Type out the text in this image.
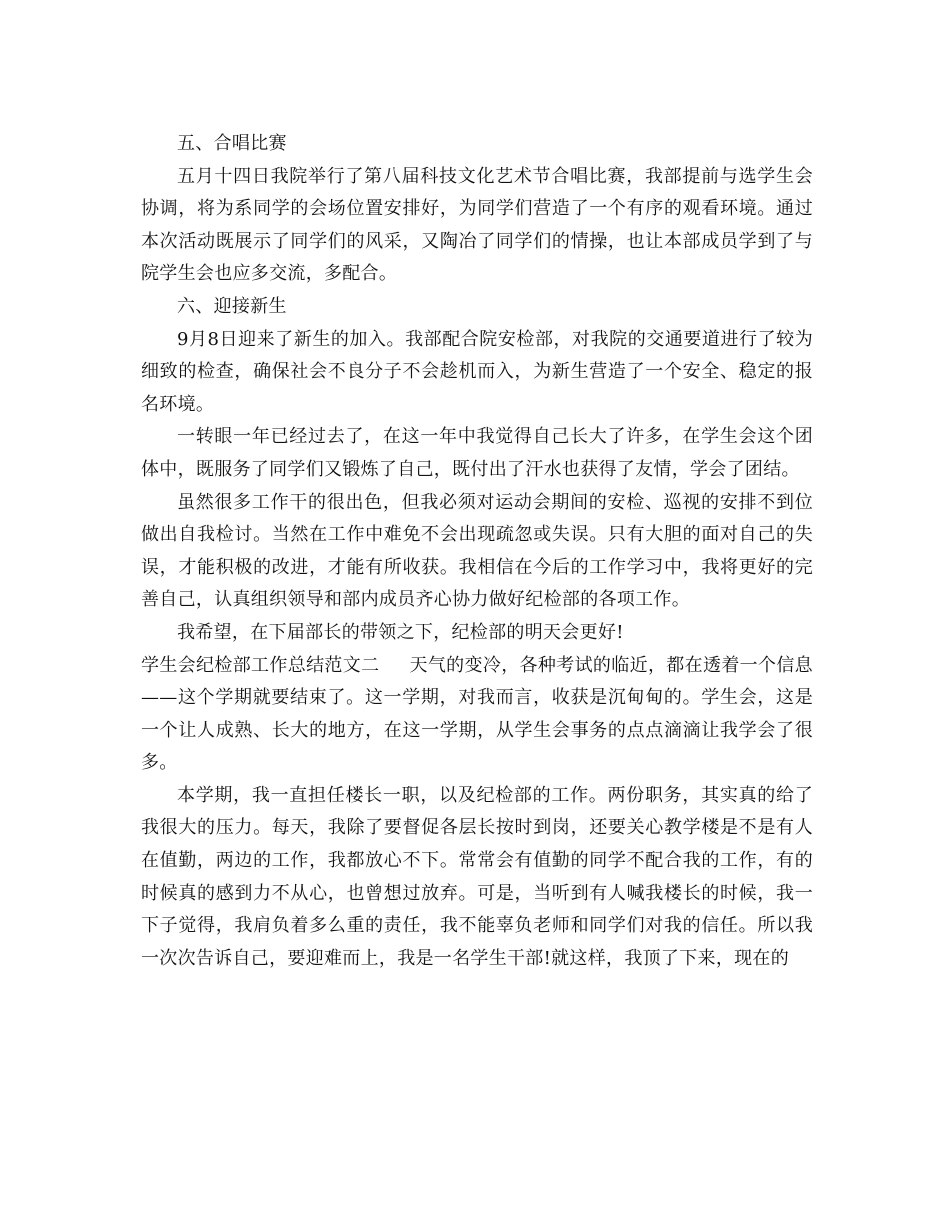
五、合唱比赛

五月十四日我院举行了第八届科技文化艺术节合唱比赛，我部提前与选学生会协调，将为系同学的会场位置安排好，为同学们营造了一个有序的观看环境。通过本次活动既展示了同学们的风采，又陶冶了同学们的情操，也让本部成员学到了与院学生会也应多交流，多配合。

六、迎接新生

9月8日迎来了新生的加入。我部配合院安检部，对我院的交通要道进行了较为细致的检查，确保社会不良分子不会趁机而入，为新生营造了一个安全、稳定的报名环境。

一转眼一年已经过去了，在这一年中我觉得自己长大了许多，在学生会这个团体中，既服务了同学们又锻炼了自己，既付出了汗水也获得了友情，学会了团结。

虽然很多工作干的很出色，但我必须对运动会期间的安检、巡视的安排不到位做出自我检讨。当然在工作中难免不会出现疏忽或失误。只有大胆的面对自己的失误，才能积极的改进，才能有所收获。我相信在今后的工作学习中，我将更好的完善自己，认真组织领导和部内成员齐心协力做好纪检部的各项工作。

我希望，在下届部长的带领之下，纪检部的明天会更好!

学生会纪检部工作总结范文二 天气的变冷，各种考试的临近，都在透着一个信息——这个学期就要结束了。这一学期，对我而言，收获是沉甸甸的。学生会，这是一个让人成熟、长大的地方，在这一学期，从学生会事务的点点滴滴让我学会了很多。

本学期，我一直担任楼长一职，以及纪检部的工作。两份职务，其实真的给了我很大的压力。每天，我除了要督促各层长按时到岗，还要关心教学楼是不是有人在值勤，两边的工作，我都放心不下。常常会有值勤的同学不配合我的工作，有的时候真的感到力不从心，也曾想过放弃。可是，当听到有人喊我楼长的时候，我一下子觉得，我肩负着多么重的责任，我不能辜负老师和同学们对我的信任。所以我一次次告诉自己，要迎难而上，我是一名学生干部!就这样，我顶了下来，现在的
